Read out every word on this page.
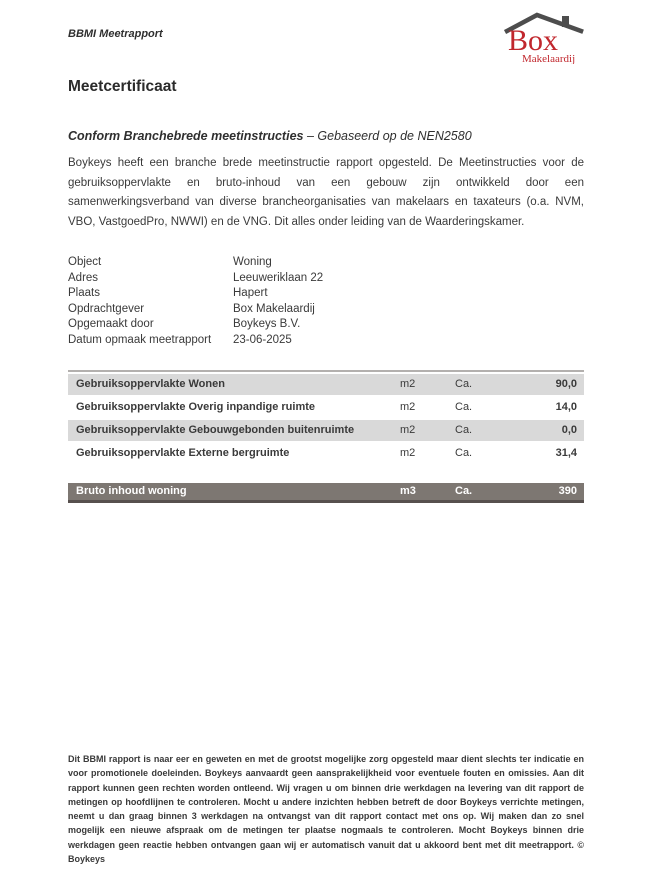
BBMI Meetrapport	Box
Makelaardij
Meetcertificaat
Conform Branchebrede meetinstructies – Gebaseerd op de NEN2580
Boykeys heeft een branche brede meetinstructie rapport opgesteld. De Meetinstructies voor de gebruiksoppervlakte en bruto-inhoud van een gebouw zijn ontwikkeld door een samenwerkingsverband van diverse brancheorganisaties van makelaars en taxateurs (o.a. NVM, VBO, VastgoedPro, NWWI) en de VNG. Dit alles onder leiding van de Waarderingskamer.
Object	Woning
Adres	Leeuweriklaan 22
Plaats	Hapert
Opdrachtgever	Box Makelaardij
Opgemaakt door	Boykeys B.V.
Datum opmaak meetrapport	23-06-2025
Gebruiksoppervlakte Wonen	m2	Ca.	90,0
Gebruiksoppervlakte Overig inpandige ruimte	m2	Ca.	14,0
Gebruiksoppervlakte Gebouwgebonden buitenruimte	m2	Ca.	0,0
Gebruiksoppervlakte Externe bergruimte	m2	Ca.	31,4
Bruto inhoud woning	m3	Ca.	390
Dit BBMI rapport is naar eer en geweten en met de grootst mogelijke zorg opgesteld maar dient slechts ter indicatie en voor promotionele doeleinden. Boykeys aanvaardt geen aansprakelijkheid voor eventuele fouten en omissies. Aan dit rapport kunnen geen rechten worden ontleend. Wij vragen u om binnen drie werkdagen na levering van dit rapport de metingen op hoofdlijnen te controleren. Mocht u andere inzichten hebben betreft de door Boykeys verrichte metingen, neemt u dan graag binnen 3 werkdagen na ontvangst van dit rapport contact met ons op. Wij maken dan zo snel mogelijk een nieuwe afspraak om de metingen ter plaatse nogmaals te controleren. Mocht Boykeys binnen drie werkdagen geen reactie hebben ontvangen gaan wij er automatisch vanuit dat u akkoord bent met dit meetrapport. © Boykeys
